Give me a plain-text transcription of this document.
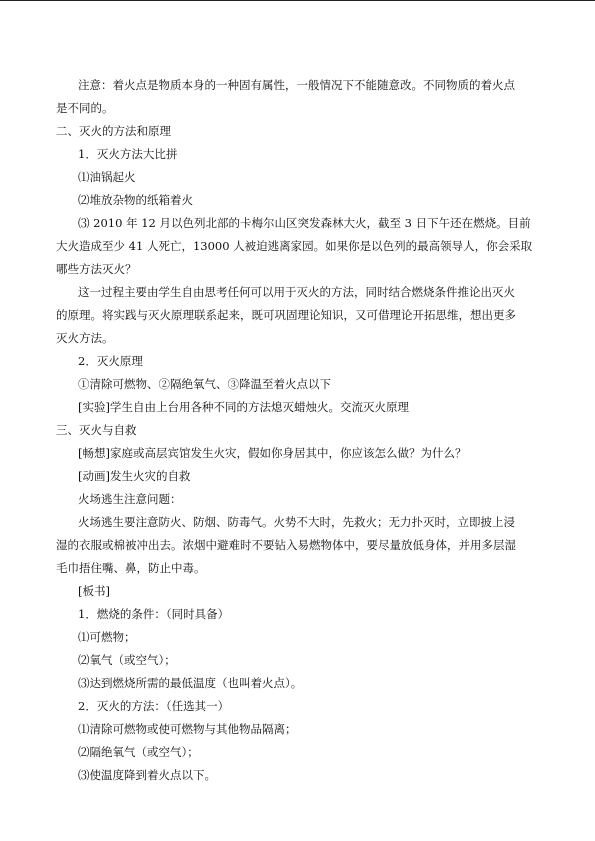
注意：着火点是物质本身的一种固有属性，一般情况下不能随意改。不同物质的着火点

是不同的。

二、灭火的方法和原理

1．灭火方法大比拼

⑴油锅起火

⑵堆放杂物的纸箱着火

⑶ 2010 年 12 月以色列北部的卡梅尔山区突发森林大火，截至 3 日下午还在燃烧。目前

大火造成至少 41 人死亡，13000 人被迫逃离家园。如果你是以色列的最高领导人，你会采取

哪些方法灭火？

这一过程主要由学生自由思考任何可以用于灭火的方法，同时结合燃烧条件推论出灭火

的原理。将实践与灭火原理联系起来，既可巩固理论知识，又可借理论开拓思维，想出更多

灭火方法。

2．灭火原理

①清除可燃物、②隔绝氧气、③降温至着火点以下

[实验]学生自由上台用各种不同的方法熄灭蜡烛火。交流灭火原理

三、灭火与自救

[畅想]家庭或高层宾馆发生火灾，假如你身居其中，你应该怎么做？为什么？

[动画]发生火灾的自救

火场逃生注意问题：

火场逃生要注意防火、防烟、防毒气。火势不大时，先救火；无力扑灭时，立即披上浸

湿的衣服或棉被冲出去。浓烟中避难时不要钻入易燃物体中，要尽量放低身体，并用多层湿

毛巾捂住嘴、鼻，防止中毒。

[板书]

1．燃烧的条件：（同时具备）

⑴可燃物；

⑵氧气（或空气）；

⑶达到燃烧所需的最低温度（也叫着火点）。

2．灭火的方法：（任选其一）

⑴清除可燃物或使可燃物与其他物品隔离；

⑵隔绝氧气（或空气）；

⑶使温度降到着火点以下。
